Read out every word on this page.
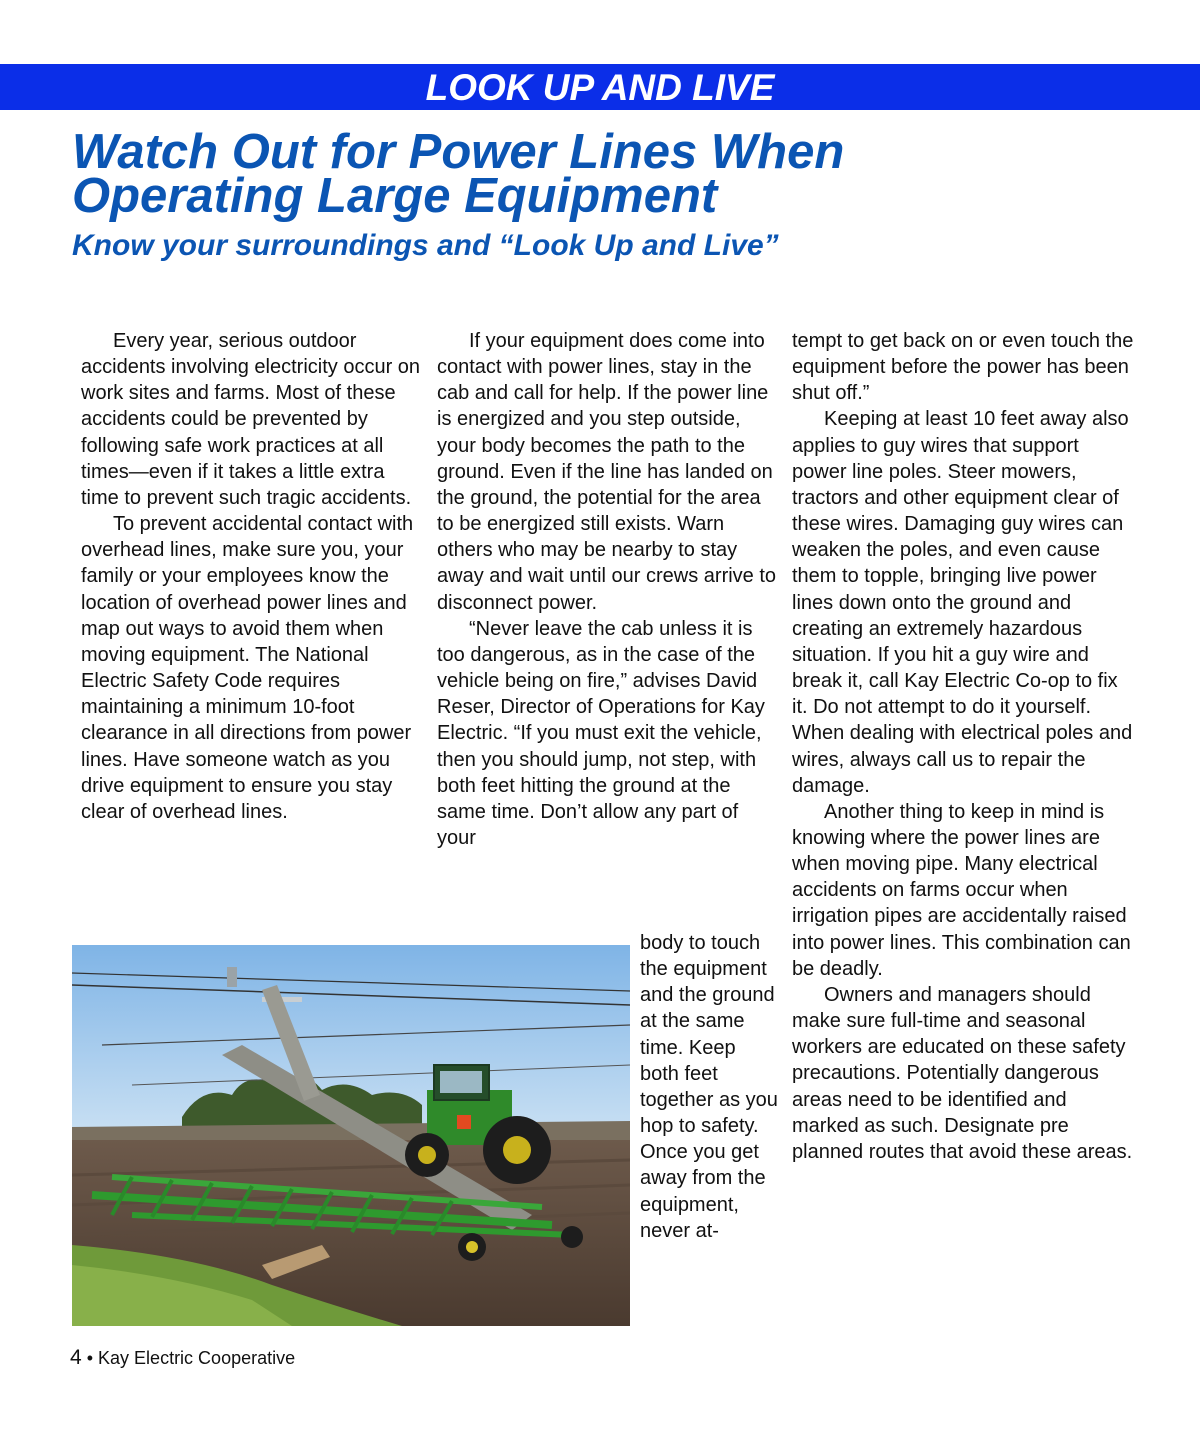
LOOK UP AND LIVE
Watch Out for Power Lines When
Operating Large Equipment
Know your surroundings and “Look Up and Live”

Every year, serious outdoor accidents involving electricity occur on work sites and farms. Most of these accidents could be prevented by following safe work practices at all times—even if it takes a little extra time to prevent such tragic accidents.

To prevent accidental contact with overhead lines, make sure you, your family or your employees know the location of overhead power lines and map out ways to avoid them when moving equipment. The National Electric Safety Code requires maintaining a minimum 10-foot clearance in all directions from power lines. Have someone watch as you drive equipment to ensure you stay clear of overhead lines.

If your equipment does come into contact with power lines, stay in the cab and call for help. If the power line is energized and you step outside, your body becomes the path to the ground. Even if the line has landed on the ground, the potential for the area to be energized still exists. Warn others who may be nearby to stay away and wait until our crews arrive to disconnect power.

“Never leave the cab unless it is too dangerous, as in the case of the vehicle being on fire,” advises David Reser, Director of Operations for Kay Electric. “If you must exit the vehicle, then you should jump, not step, with both feet hitting the ground at the same time. Don’t allow any part of your

body to touch the equipment and the ground at the same time. Keep both feet together as you hop to safety. Once you get away from the equipment, never at-

tempt to get back on or even touch the equipment before the power has been shut off.”

Keeping at least 10 feet away also applies to guy wires that support power line poles. Steer mowers, tractors and other equipment clear of these wires. Damaging guy wires can weaken the poles, and even cause them to topple, bringing live power lines down onto the ground and creating an extremely hazardous situation. If you hit a guy wire and break it, call Kay Electric Co-op to fix it. Do not attempt to do it yourself. When dealing with electrical poles and wires, always call us to repair the damage.

Another thing to keep in mind is knowing where the power lines are when moving pipe. Many electrical accidents on farms occur when irrigation pipes are accidentally raised into power lines. This combination can be deadly.

Owners and managers should make sure full-time and seasonal workers are educated on these safety precautions. Potentially dangerous areas need to be identified and marked as such. Designate pre planned routes that avoid these areas.

4 • Kay Electric Cooperative
